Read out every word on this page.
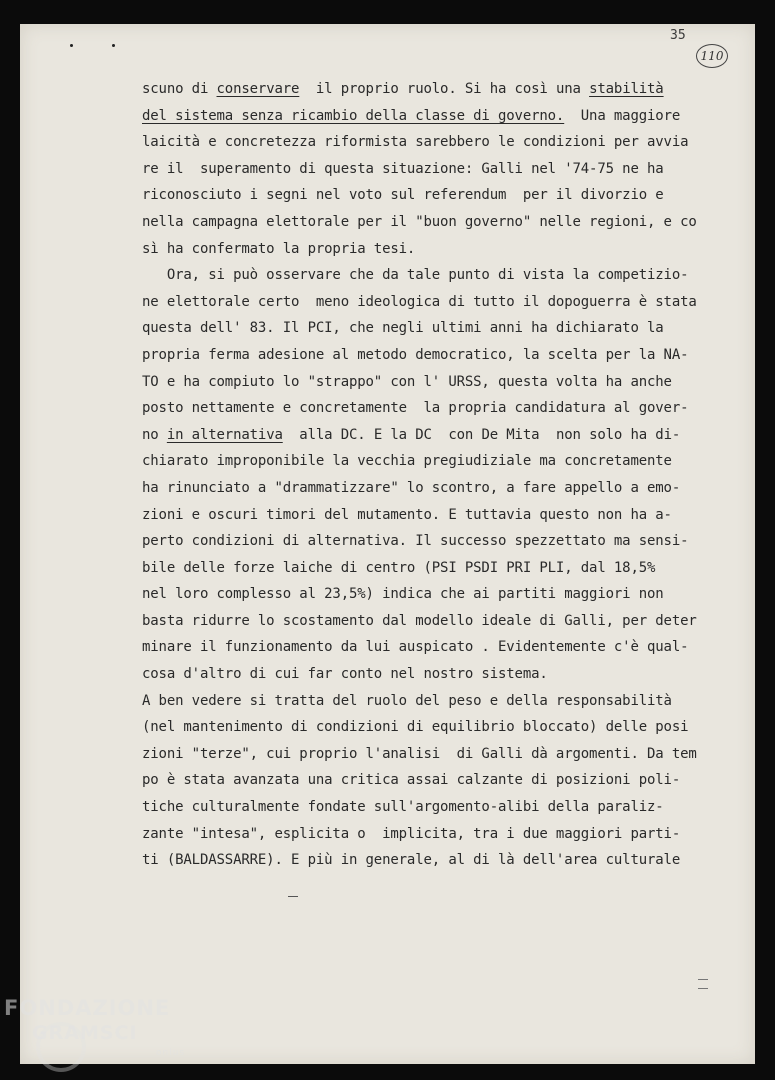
35
110
scuno di conservare  il proprio ruolo. Si ha così una stabilità
del sistema senza ricambio della classe di governo.  Una maggiore
laicità e concretezza riformista sarebbero le condizioni per avvia
re il  superamento di questa situazione: Galli nel '74-75 ne ha
riconosciuto i segni nel voto sul referendum  per il divorzio e
nella campagna elettorale per il "buon governo" nelle regioni, e co
sì ha confermato la propria tesi.
Ora, si può osservare che da tale punto di vista la competizio-
ne elettorale certo  meno ideologica di tutto il dopoguerra è stata
questa dell' 83. Il PCI, che negli ultimi anni ha dichiarato la
propria ferma adesione al metodo democratico, la scelta per la NA-
TO e ha compiuto lo "strappo" con l' URSS, questa volta ha anche
posto nettamente e concretamente  la propria candidatura al gover-
no in alternativa  alla DC. E la DC  con De Mita  non solo ha di-
chiarato improponibile la vecchia pregiudiziale ma concretamente
ha rinunciato a "drammatizzare" lo scontro, a fare appello a emo-
zioni e oscuri timori del mutamento. E tuttavia questo non ha a-
perto condizioni di alternativa. Il successo spezzettato ma sensi-
bile delle forze laiche di centro (PSI PSDI PRI PLI, dal 18,5%
nel loro complesso al 23,5%) indica che ai partiti maggiori non
basta ridurre lo scostamento dal modello ideale di Galli, per deter
minare il funzionamento da lui auspicato . Evidentemente c'è qual-
cosa d'altro di cui far conto nel nostro sistema.
A ben vedere si tratta del ruolo del peso e della responsabilità
(nel mantenimento di condizioni di equilibrio bloccato) delle posi
zioni "terze", cui proprio l'analisi  di Galli dà argomenti. Da tem
po è stata avanzata una critica assai calzante di posizioni poli-
tiche culturalmente fondate sull'argomento-alibi della paraliz-
zante "intesa", esplicita o  implicita, tra i due maggiori parti-
ti (BALDASSARRE). E più in generale, al di là dell'area culturale
FONDAZIONE
GRAMSCI
onlus
